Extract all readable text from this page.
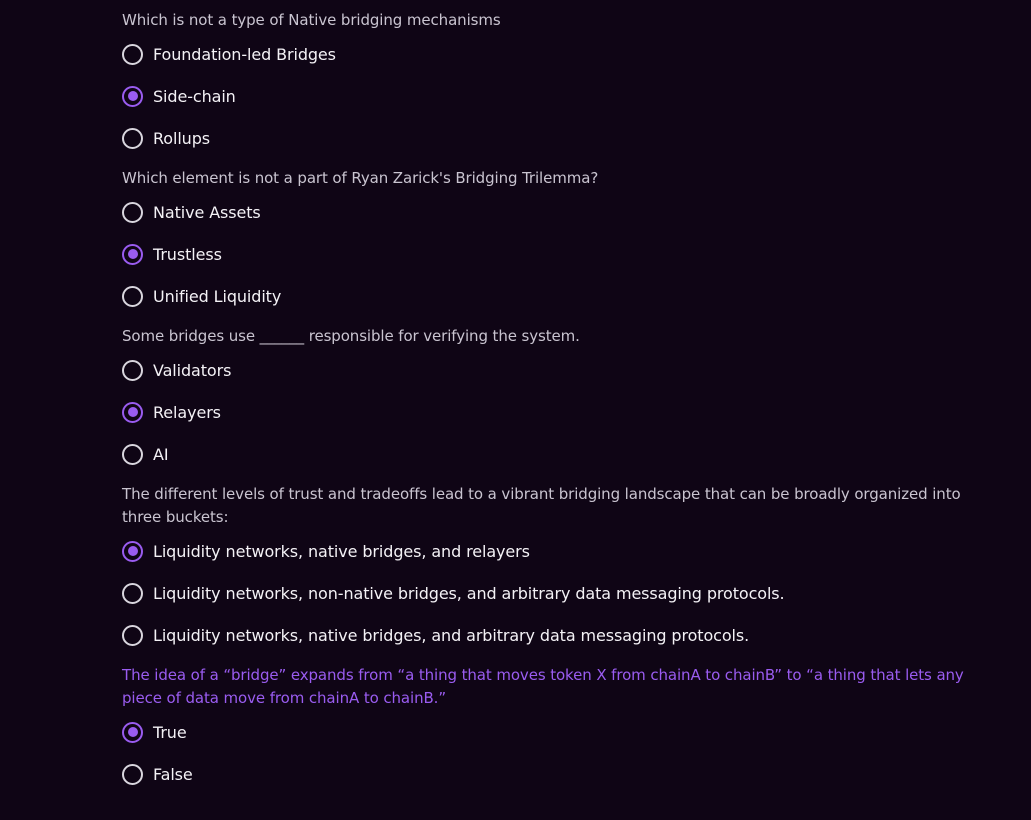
Which is not a type of Native bridging mechanisms

Foundation-led Bridges
Side-chain
Rollups

Which element is not a part of Ryan Zarick's Bridging Trilemma?

Native Assets
Trustless
Unified Liquidity

Some bridges use ______ responsible for verifying the system.

Validators
Relayers
AI

The different levels of trust and tradeoffs lead to a vibrant bridging landscape that can be broadly organized into three buckets:

Liquidity networks, native bridges, and relayers
Liquidity networks, non-native bridges, and arbitrary data messaging protocols.
Liquidity networks, native bridges, and arbitrary data messaging protocols.

The idea of a “bridge” expands from “a thing that moves token X from chainA to chainB” to “a thing that lets any piece of data move from chainA to chainB.”

True
False
